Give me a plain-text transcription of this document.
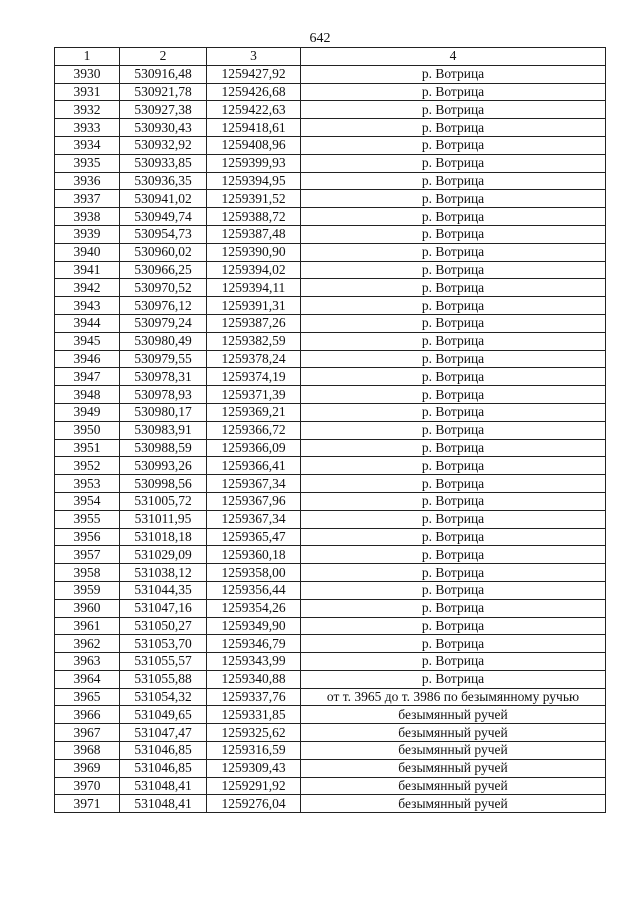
642
1	2	3	4
3930	530916,48	1259427,92	р. Вотрица
3931	530921,78	1259426,68	р. Вотрица
3932	530927,38	1259422,63	р. Вотрица
3933	530930,43	1259418,61	р. Вотрица
3934	530932,92	1259408,96	р. Вотрица
3935	530933,85	1259399,93	р. Вотрица
3936	530936,35	1259394,95	р. Вотрица
3937	530941,02	1259391,52	р. Вотрица
3938	530949,74	1259388,72	р. Вотрица
3939	530954,73	1259387,48	р. Вотрица
3940	530960,02	1259390,90	р. Вотрица
3941	530966,25	1259394,02	р. Вотрица
3942	530970,52	1259394,11	р. Вотрица
3943	530976,12	1259391,31	р. Вотрица
3944	530979,24	1259387,26	р. Вотрица
3945	530980,49	1259382,59	р. Вотрица
3946	530979,55	1259378,24	р. Вотрица
3947	530978,31	1259374,19	р. Вотрица
3948	530978,93	1259371,39	р. Вотрица
3949	530980,17	1259369,21	р. Вотрица
3950	530983,91	1259366,72	р. Вотрица
3951	530988,59	1259366,09	р. Вотрица
3952	530993,26	1259366,41	р. Вотрица
3953	530998,56	1259367,34	р. Вотрица
3954	531005,72	1259367,96	р. Вотрица
3955	531011,95	1259367,34	р. Вотрица
3956	531018,18	1259365,47	р. Вотрица
3957	531029,09	1259360,18	р. Вотрица
3958	531038,12	1259358,00	р. Вотрица
3959	531044,35	1259356,44	р. Вотрица
3960	531047,16	1259354,26	р. Вотрица
3961	531050,27	1259349,90	р. Вотрица
3962	531053,70	1259346,79	р. Вотрица
3963	531055,57	1259343,99	р. Вотрица
3964	531055,88	1259340,88	р. Вотрица
3965	531054,32	1259337,76	от т. 3965 до т. 3986 по безымянному ручью
3966	531049,65	1259331,85	безымянный ручей
3967	531047,47	1259325,62	безымянный ручей
3968	531046,85	1259316,59	безымянный ручей
3969	531046,85	1259309,43	безымянный ручей
3970	531048,41	1259291,92	безымянный ручей
3971	531048,41	1259276,04	безымянный ручей
